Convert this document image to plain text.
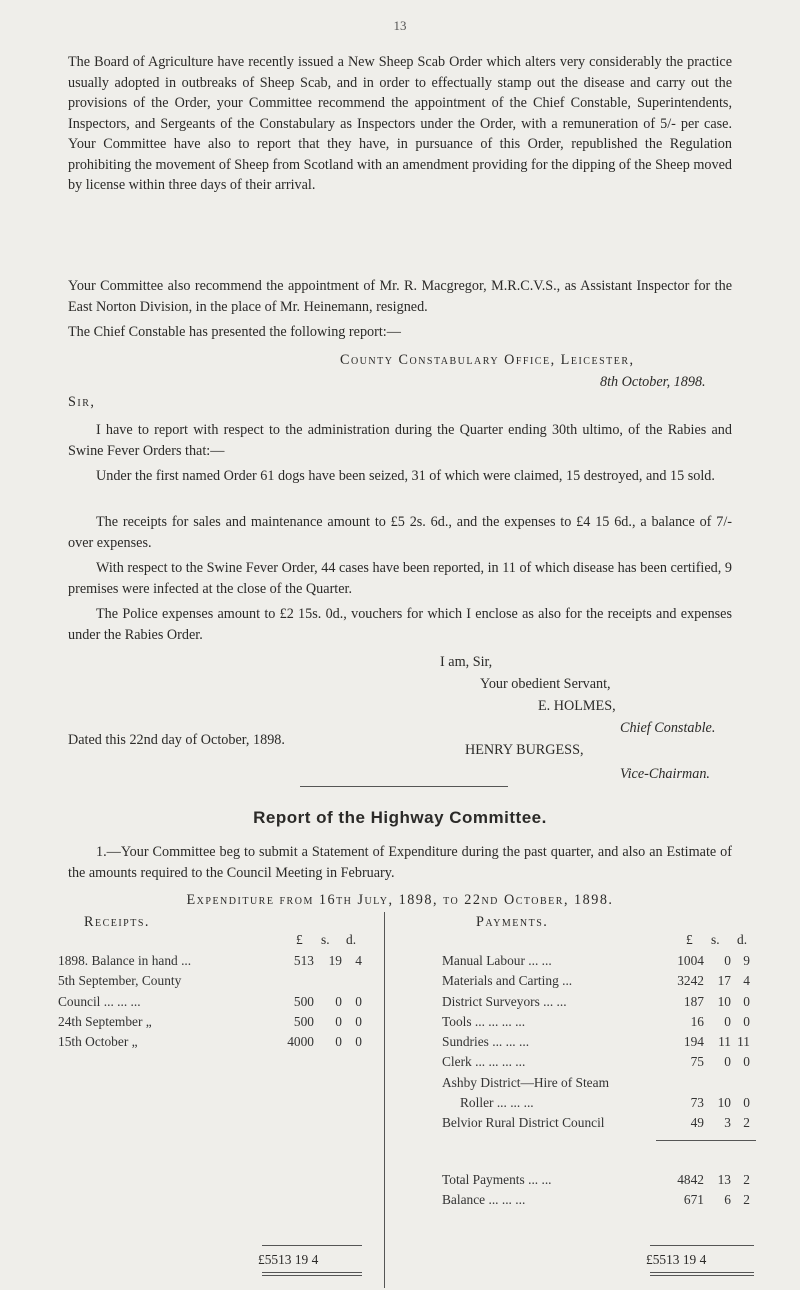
13
The Board of Agriculture have recently issued a New Sheep Scab Order which alters very considerably the practice usually adopted in outbreaks of Sheep Scab, and in order to effectually stamp out the disease and carry out the provisions of the Order, your Committee recommend the appointment of the Chief Constable, Superintendents, Inspectors, and Sergeants of the Constabulary as Inspectors under the Order, with a remuneration of 5/- per case. Your Committee have also to report that they have, in pursuance of this Order, republished the Regulation prohibiting the movement of Sheep from Scotland with an amendment providing for the dipping of the Sheep moved by license within three days of their arrival.
Your Committee also recommend the appointment of Mr. R. Macgregor, M.R.C.V.S., as Assistant Inspector for the East Norton Division, in the place of Mr. Heinemann, resigned.
The Chief Constable has presented the following report:—
County Constabulary Office, Leicester,
8th October, 1898.
Sir,
I have to report with respect to the administration during the Quarter ending 30th ultimo, of the Rabies and Swine Fever Orders that:—
Under the first named Order 61 dogs have been seized, 31 of which were claimed, 15 destroyed, and 15 sold.
The receipts for sales and maintenance amount to £5 2s. 6d., and the expenses to £4 15 6d., a balance of 7/- over expenses.
With respect to the Swine Fever Order, 44 cases have been reported, in 11 of which disease has been certified, 9 premises were infected at the close of the Quarter.
The Police expenses amount to £2 15s. 0d., vouchers for which I enclose as also for the receipts and expenses under the Rabies Order.
I am, Sir,
Your obedient Servant,
E. HOLMES,
Chief Constable.
Dated this 22nd day of October, 1898.
HENRY BURGESS,
Vice-Chairman.
Report of the Highway Committee.
1.—Your Committee beg to submit a Statement of Expenditure during the past quarter, and also an Estimate of the amounts required to the Council Meeting in February.
Expenditure from 16th July, 1898, to 22nd October, 1898.
Receipts.
£ s. d.
1898. Balance in hand ...	513 19 4
5th September, County
Council ... ... ...	500 0 0
24th September „	500 0 0
15th October „	4000 0 0
£5513 19 4
Payments.
£ s. d.
Manual Labour ... ...	1004 0 9
Materials and Carting ...	3242 17 4
District Surveyors ... ...	187 10 0
Tools ... ... ... ...	16 0 0
Sundries ... ... ...	194 11 11
Clerk ... ... ... ...	75 0 0
Ashby District—Hire of Steam
Roller ... ... ...	73 10 0
Belvior Rural District Council	49 3 2
Total Payments ... ...	4842 13 2
Balance ... ... ...	671 6 2
£5513 19 4
